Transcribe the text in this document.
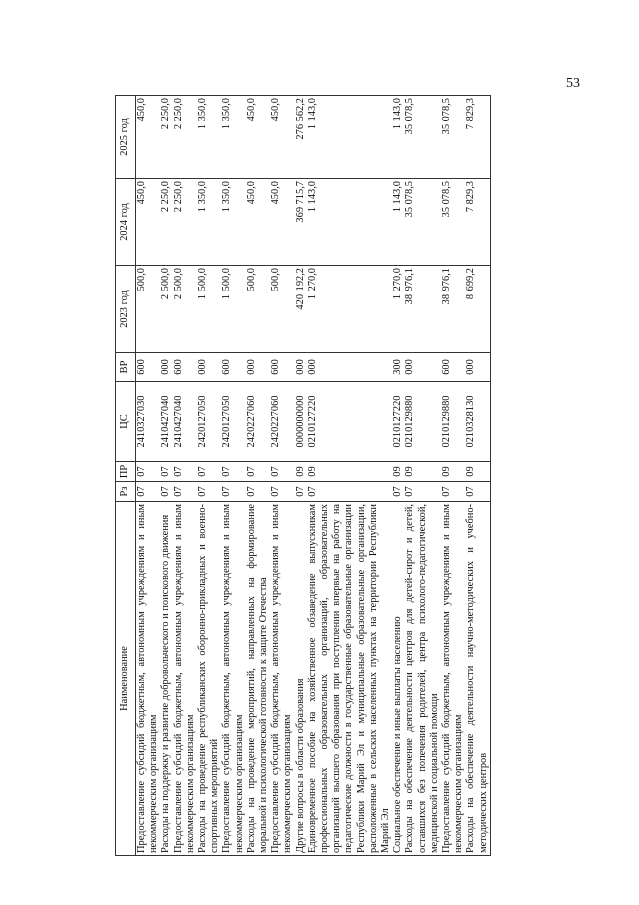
53
Наименование	Рз	ПР	ЦС	ВР	2023 год	2024 год	2025 год
Предоставление субсидий бюджетным, автономным учреждениям и иным некоммерческим организациям	07	07	2410327030	600	500,0	450,0	450,0
Расходы на поддержку и развитие добровольческого и поискового движения	07	07	2410427040	000	2 500,0	2 250,0	2 250,0
Предоставление субсидий бюджетным, автономным учреждениям и иным некоммерческим организациям	07	07	2410427040	600	2 500,0	2 250,0	2 250,0
Расходы на проведение республиканских оборонно-прикладных и военно-спортивных мероприятий	07	07	2420127050	000	1 500,0	1 350,0	1 350,0
Предоставление субсидий бюджетным, автономным учреждениям и иным некоммерческим организациям	07	07	2420127050	600	1 500,0	1 350,0	1 350,0
Расходы на проведение мероприятий, направленных на формирование моральной и психологической готовности к защите Отечества	07	07	2420227060	000	500,0	450,0	450,0
Предоставление субсидий бюджетным, автономным учреждениям и иным некоммерческим организациям	07	07	2420227060	600	500,0	450,0	450,0
Другие вопросы в области образования	07	09	0000000000	000	420 192,2	369 715,7	276 562,2
Единовременное пособие на хозяйственное обзаведение выпускникам профессиональных образовательных организаций, образовательных организаций высшего образования при поступлении впервые на работу на педагогические должности в государственные образовательные организации Республики Марий Эл и муниципальные образовательные организации, расположенные в сельских населенных пунктах на территории Республики Марий Эл	07	09	0210127220	000	1 270,0	1 143,0	1 143,0
Социальное обеспечение и иные выплаты населению	07	09	0210127220	300	1 270,0	1 143,0	1 143,0
Расходы на обеспечение деятельности центров для детей-сирот и детей, оставшихся без попечения родителей, центра психолого-педагогической, медицинской и социальной помощи	07	09	0210129880	000	38 976,1	35 078,5	35 078,5
Предоставление субсидий бюджетным, автономным учреждениям и иным некоммерческим организациям	07	09	0210129880	600	38 976,1	35 078,5	35 078,5
Расходы на обеспечение деятельности научно-методических и учебно-методических центров	07	09	0210328130	000	8 699,2	7 829,3	7 829,3
